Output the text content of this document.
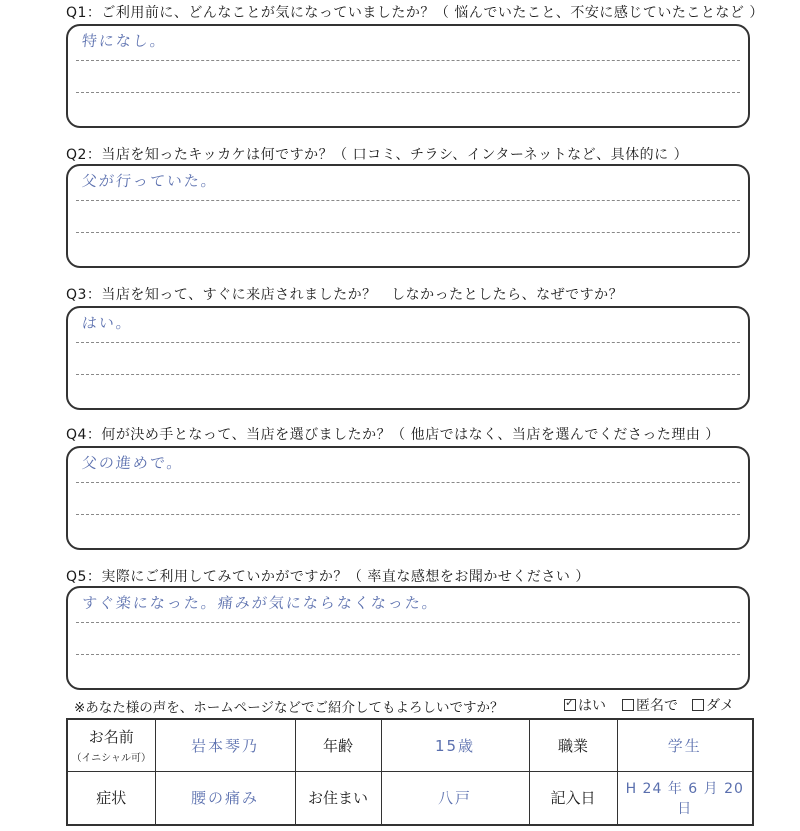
Q1：ご利用前に、どんなことが気になっていましたか？（ 悩んでいたこと、不安に感じていたことなど ）
特になし。
Q2：当店を知ったキッカケは何ですか？（ 口コミ、チラシ、インターネットなど、具体的に ）
父が行っていた。
Q3：当店を知って、すぐに来店されましたか？　しなかったとしたら、なぜですか？
はい。
Q4：何が決め手となって、当店を選びましたか？（ 他店ではなく、当店を選んでくださった理由 ）
父の進めで。
Q5：実際にご利用してみていかがですか？（ 率直な感想をお聞かせください ）
すぐ楽になった。痛みが気にならなくなった。
※あなた様の声を、ホームページなどでご紹介してもよろしいですか？ ✓	はい	匿名で	ダメ
お名前
（イニシャル可）	岩本琴乃	年齢	15歳	職業	学生
症状	腰の痛み	お住まい	八戸	記入日	H 24 年 6 月 20 日
